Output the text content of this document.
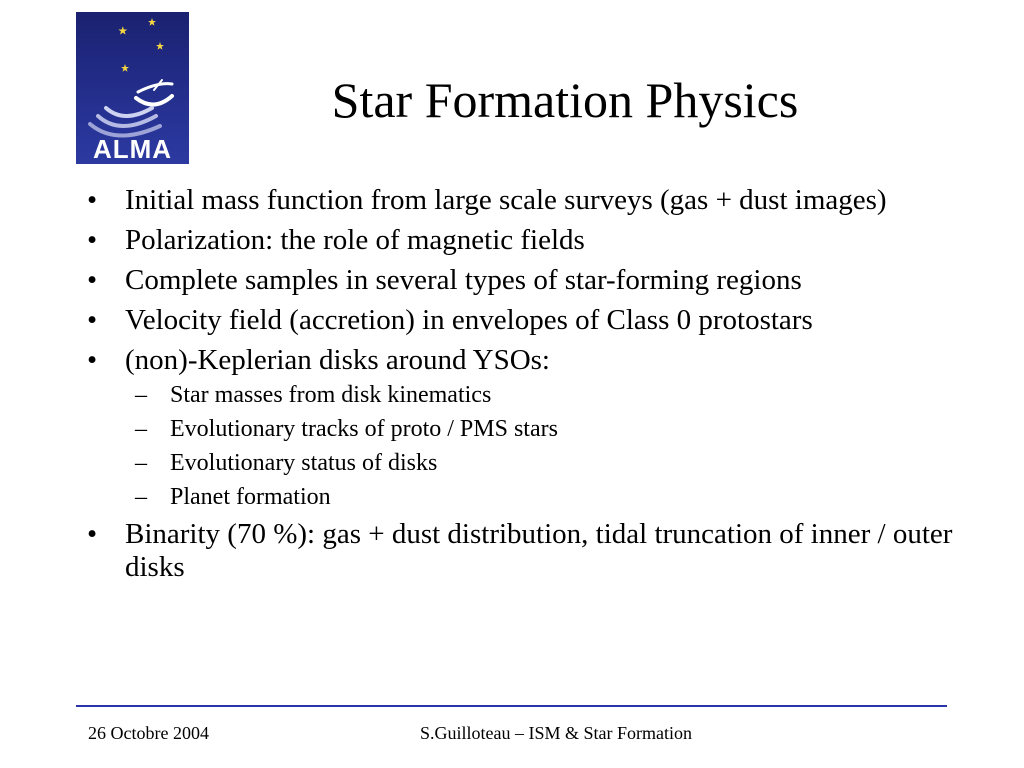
ALMA
Star Formation Physics
• Initial mass function from large scale surveys (gas + dust images)
• Polarization: the role of magnetic fields
• Complete samples in several types of star-forming regions
• Velocity field (accretion) in envelopes of Class 0 protostars
• (non)-Keplerian disks around YSOs:
– Star masses from disk kinematics
– Evolutionary tracks of proto / PMS stars
– Evolutionary status of disks
– Planet formation
• Binarity (70 %): gas + dust distribution, tidal truncation of inner / outer disks
26 Octobre 2004	S.Guilloteau – ISM & Star Formation
